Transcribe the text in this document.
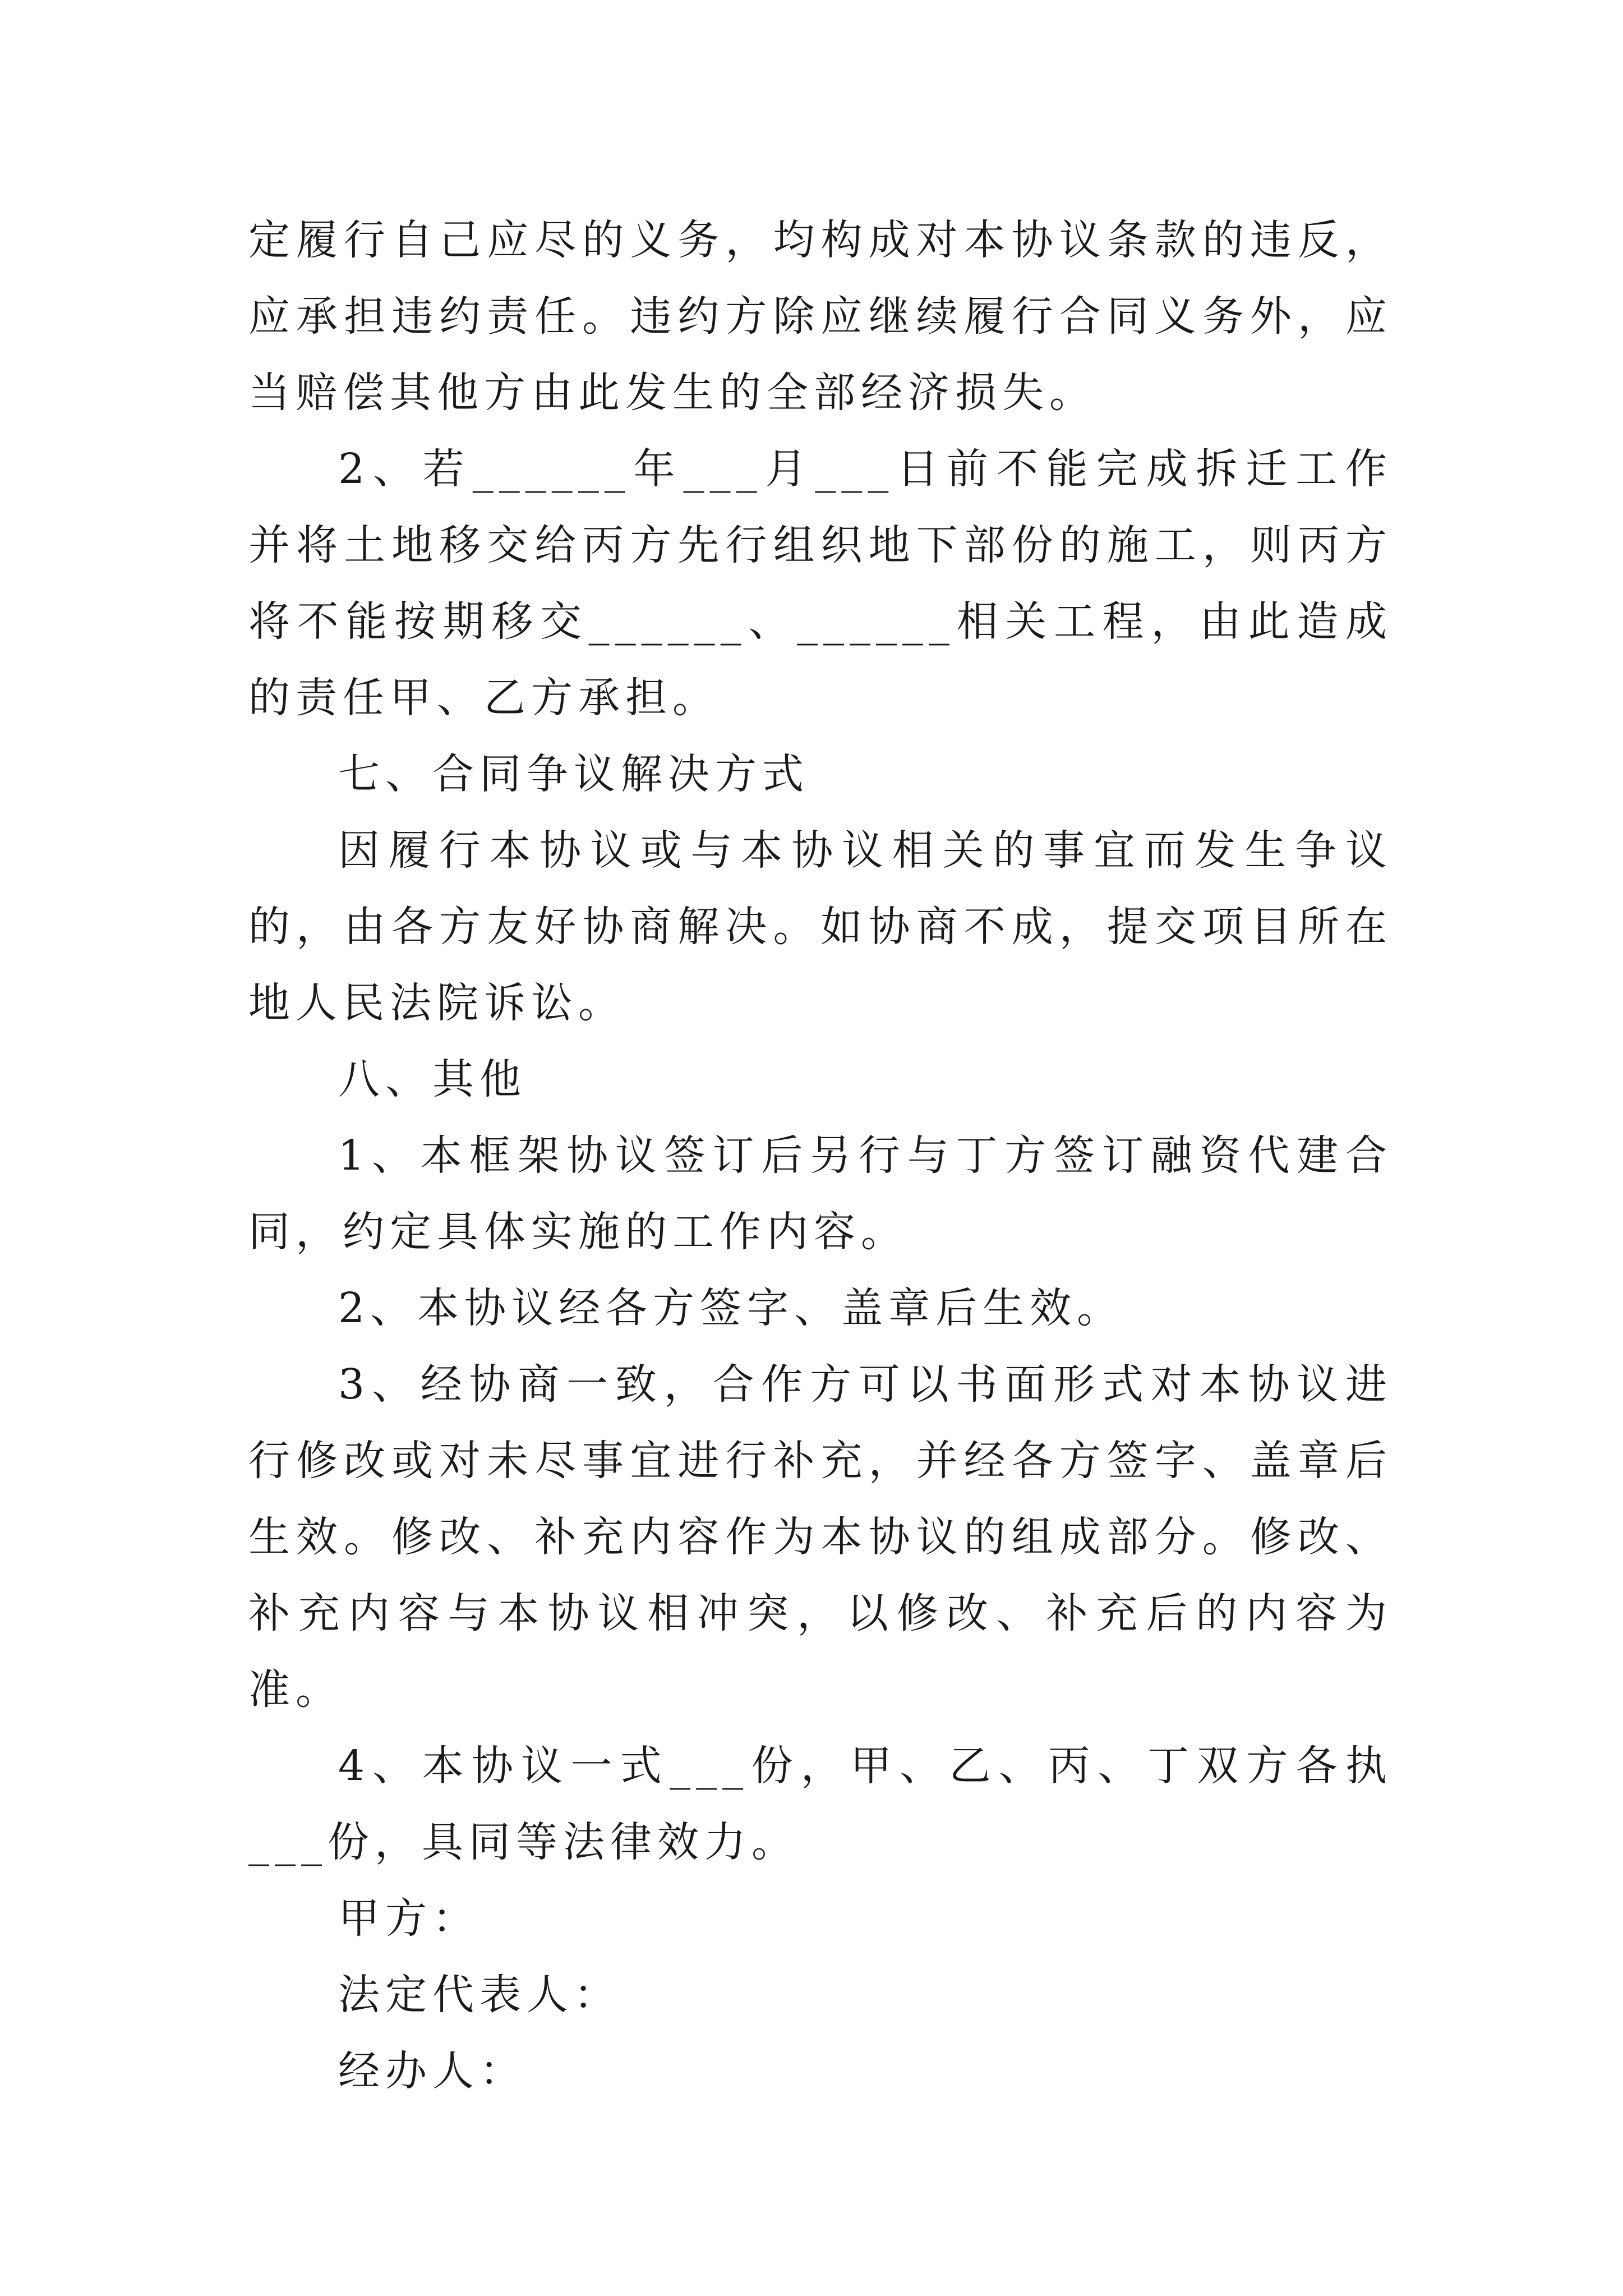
定履行自己应尽的义务，均构成对本协议条款的违反，应承担违约责任。违约方除应继续履行合同义务外，应当赔偿其他方由此发生的全部经济损失。

2、若______年___月___日前不能完成拆迁工作并将土地移交给丙方先行组织地下部份的施工，则丙方将不能按期移交______、______相关工程，由此造成的责任甲、乙方承担。

七、合同争议解决方式

因履行本协议或与本协议相关的事宜而发生争议的，由各方友好协商解决。如协商不成，提交项目所在地人民法院诉讼。

八、其他

1、本框架协议签订后另行与丁方签订融资代建合同，约定具体实施的工作内容。

2、本协议经各方签字、盖章后生效。

3、经协商一致，合作方可以书面形式对本协议进行修改或对未尽事宜进行补充，并经各方签字、盖章后生效。修改、补充内容作为本协议的组成部分。修改、补充内容与本协议相冲突，以修改、补充后的内容为准。

4、本协议一式___份，甲、乙、丙、丁双方各执___份，具同等法律效力。

甲方：

法定代表人：

经办人：
